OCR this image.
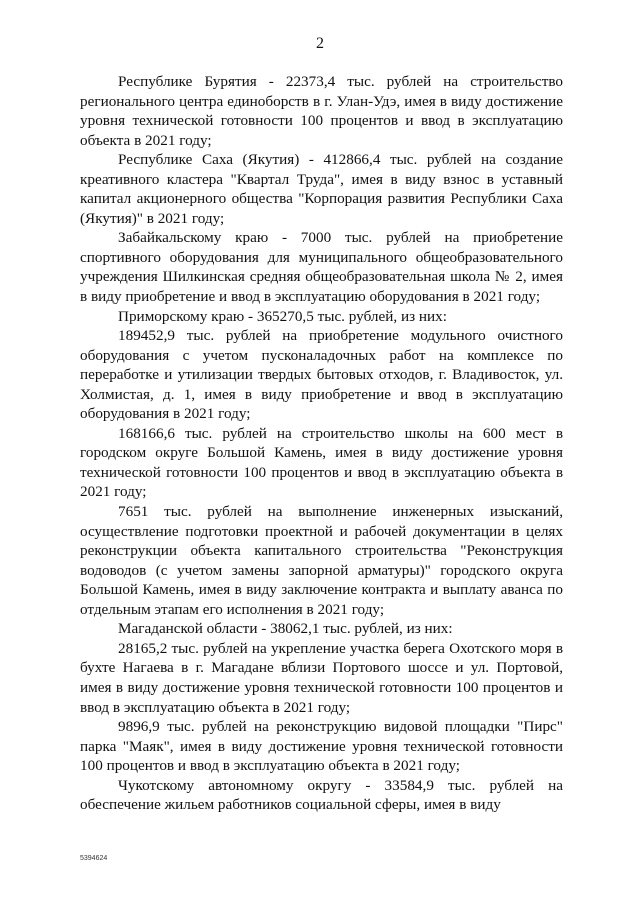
2

Республике Бурятия - 22373,4 тыс. рублей на строительство регионального центра единоборств в г. Улан-Удэ, имея в виду достижение уровня технической готовности 100 процентов и ввод в эксплуатацию объекта в 2021 году;

Республике Саха (Якутия) - 412866,4 тыс. рублей на создание креативного кластера "Квартал Труда", имея в виду взнос в уставный капитал акционерного общества "Корпорация развития Республики Саха (Якутия)" в 2021 году;

Забайкальскому краю - 7000 тыс. рублей на приобретение спортивного оборудования для муниципального общеобразовательного учреждения Шилкинская средняя общеобразовательная школа № 2, имея в виду приобретение и ввод в эксплуатацию оборудования в 2021 году;

Приморскому краю - 365270,5 тыс. рублей, из них:

189452,9 тыс. рублей на приобретение модульного очистного оборудования с учетом пусконаладочных работ на комплексе по переработке и утилизации твердых бытовых отходов, г. Владивосток, ул. Холмистая, д. 1, имея в виду приобретение и ввод в эксплуатацию оборудования в 2021 году;

168166,6 тыс. рублей на строительство школы на 600 мест в городском округе Большой Камень, имея в виду достижение уровня технической готовности 100 процентов и ввод в эксплуатацию объекта в 2021 году;

7651 тыс. рублей на выполнение инженерных изысканий, осуществление подготовки проектной и рабочей документации в целях реконструкции объекта капитального строительства "Реконструкция водоводов (с учетом замены запорной арматуры)" городского округа Большой Камень, имея в виду заключение контракта и выплату аванса по отдельным этапам его исполнения в 2021 году;

Магаданской области - 38062,1 тыс. рублей, из них:

28165,2 тыс. рублей на укрепление участка берега Охотского моря в бухте Нагаева в г. Магадане вблизи Портового шоссе и ул. Портовой, имея в виду достижение уровня технической готовности 100 процентов и ввод в эксплуатацию объекта в 2021 году;

9896,9 тыс. рублей на реконструкцию видовой площадки "Пирс" парка "Маяк", имея в виду достижение уровня технической готовности 100 процентов и ввод в эксплуатацию объекта в 2021 году;

Чукотскому автономному округу - 33584,9 тыс. рублей на обеспечение жильем работников социальной сферы, имея в виду

5394624
